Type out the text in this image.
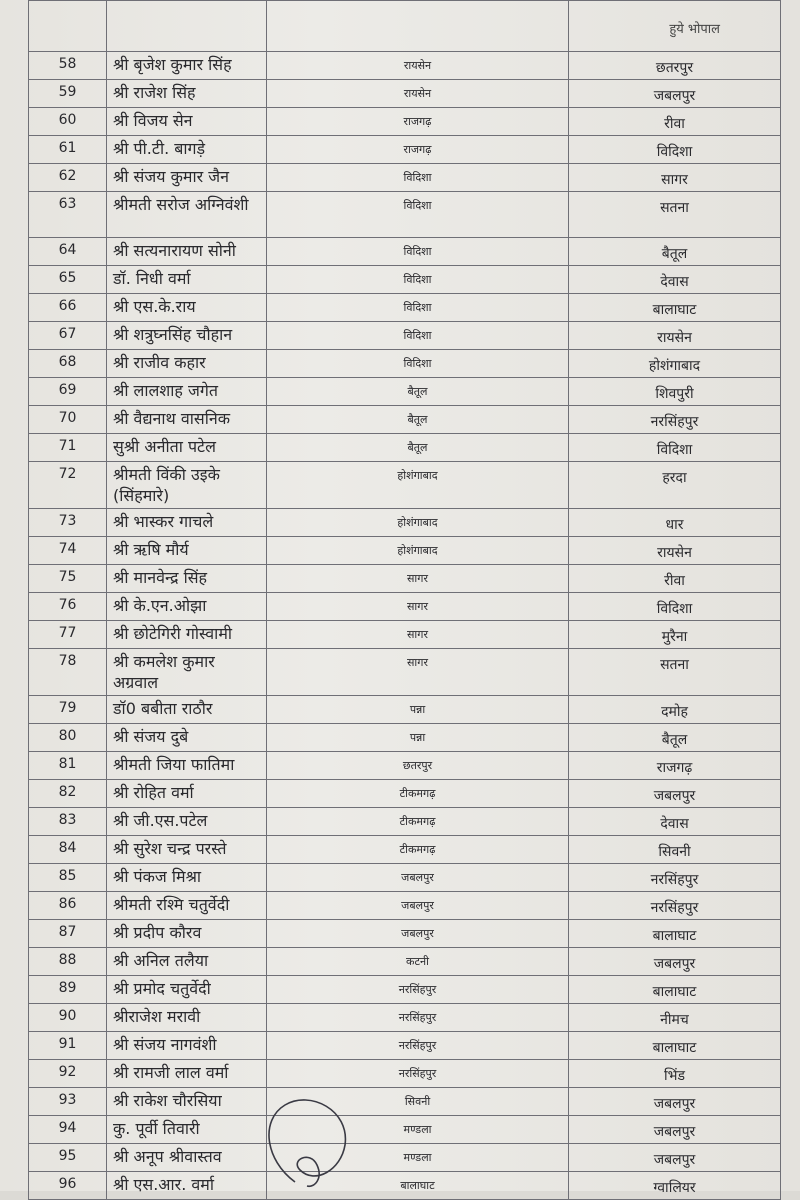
			हुये भोपाल
58	श्री बृजेश कुमार सिंह	रायसेन	छतरपुर
59	श्री राजेश सिंह	रायसेन	जबलपुर
60	श्री विजय सेन	राजगढ़	रीवा
61	श्री पी.टी. बागड़े	राजगढ़	विदिशा
62	श्री संजय कुमार जैन	विदिशा	सागर
63	श्रीमती सरोज अग्निवंशी	विदिशा	सतना
64	श्री सत्यनारायण सोनी	विदिशा	बैतूल
65	डॉ. निधी वर्मा	विदिशा	देवास
66	श्री एस.के.राय	विदिशा	बालाघाट
67	श्री शत्रुघ्नसिंह चौहान	विदिशा	रायसेन
68	श्री राजीव कहार	विदिशा	होशंगाबाद
69	श्री लालशाह जगेत	बैतूल	शिवपुरी
70	श्री वैद्यनाथ वासनिक	बैतूल	नरसिंहपुर
71	सुश्री अनीता पटेल	बैतूल	विदिशा
72	श्रीमती विंकी उइके (सिंहमारे)	होशंगाबाद	हरदा
73	श्री भास्कर गाचले	होशंगाबाद	धार
74	श्री ऋषि मौर्य	होशंगाबाद	रायसेन
75	श्री मानवेन्द्र सिंह	सागर	रीवा
76	श्री के.एन.ओझा	सागर	विदिशा
77	श्री छोटेगिरी गोस्वामी	सागर	मुरैना
78	श्री कमलेश कुमार अग्रवाल	सागर	सतना
79	डॉ0 बबीता राठौर	पन्ना	दमोह
80	श्री संजय दुबे	पन्ना	बैतूल
81	श्रीमती जिया फातिमा	छतरपुर	राजगढ़
82	श्री रोहित वर्मा	टीकमगढ़	जबलपुर
83	श्री जी.एस.पटेल	टीकमगढ़	देवास
84	श्री सुरेश चन्द्र परस्ते	टीकमगढ़	सिवनी
85	श्री पंकज मिश्रा	जबलपुर	नरसिंहपुर
86	श्रीमती रश्मि चतुर्वेदी	जबलपुर	नरसिंहपुर
87	श्री प्रदीप कौरव	जबलपुर	बालाघाट
88	श्री अनिल तलैया	कटनी	जबलपुर
89	श्री प्रमोद चतुर्वेदी	नरसिंहपुर	बालाघाट
90	श्रीराजेश मरावी	नरसिंहपुर	नीमच
91	श्री संजय नागवंशी	नरसिंहपुर	बालाघाट
92	श्री रामजी लाल वर्मा	नरसिंहपुर	भिंड
93	श्री राकेश चौरसिया	सिवनी	जबलपुर
94	कु. पूर्वी तिवारी	मण्डला	जबलपुर
95	श्री अनूप श्रीवास्तव	मण्डला	जबलपुर
96	श्री एस.आर. वर्मा	बालाघाट	ग्वालियर
